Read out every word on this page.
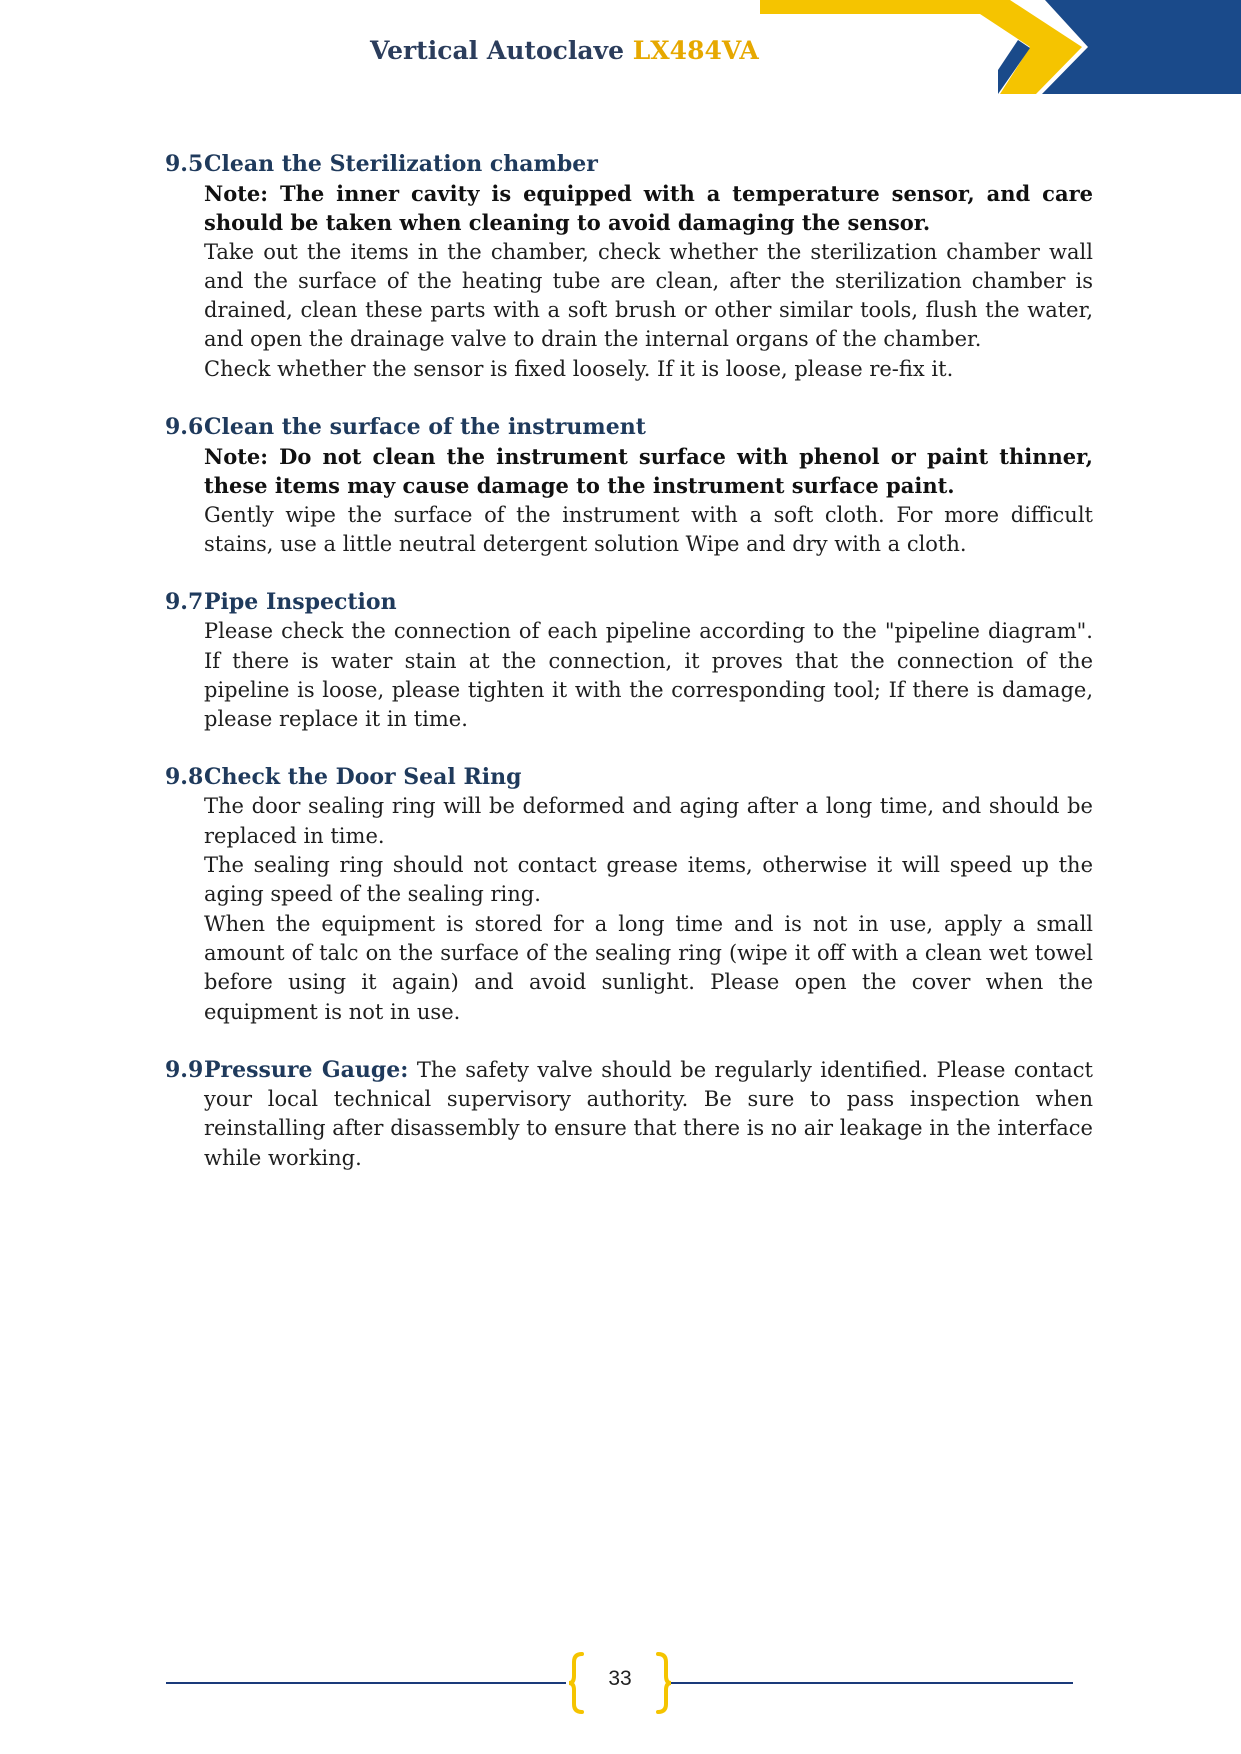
Vertical Autoclave LX484VA
9.5Clean the Sterilization chamber

Note: The inner cavity is equipped with a temperature sensor, and care should be taken when cleaning to avoid damaging the sensor.

Take out the items in the chamber, check whether the sterilization chamber wall and the surface of the heating tube are clean, after the sterilization chamber is drained, clean these parts with a soft brush or other similar tools, flush the water, and open the drainage valve to drain the internal organs of the chamber.

Check whether the sensor is fixed loosely. If it is loose, please re-fix it.

9.6Clean the surface of the instrument

Note: Do not clean the instrument surface with phenol or paint thinner, these items may cause damage to the instrument surface paint.

Gently wipe the surface of the instrument with a soft cloth. For more difficult stains, use a little neutral detergent solution Wipe and dry with a cloth.

9.7Pipe Inspection

Please check the connection of each pipeline according to the "pipeline diagram". If there is water stain at the connection, it proves that the connection of the pipeline is loose, please tighten it with the corresponding tool; If there is damage, please replace it in time.

9.8Check the Door Seal Ring

The door sealing ring will be deformed and aging after a long time, and should be replaced in time.

The sealing ring should not contact grease items, otherwise it will speed up the aging speed of the sealing ring.

When the equipment is stored for a long time and is not in use, apply a small amount of talc on the surface of the sealing ring (wipe it off with a clean wet towel before using it again) and avoid sunlight. Please open the cover when the equipment is not in use.

9.9Pressure Gauge: The safety valve should be regularly identified. Please contact your local technical supervisory authority. Be sure to pass inspection when reinstalling after disassembly to ensure that there is no air leakage in the interface while working.
33
